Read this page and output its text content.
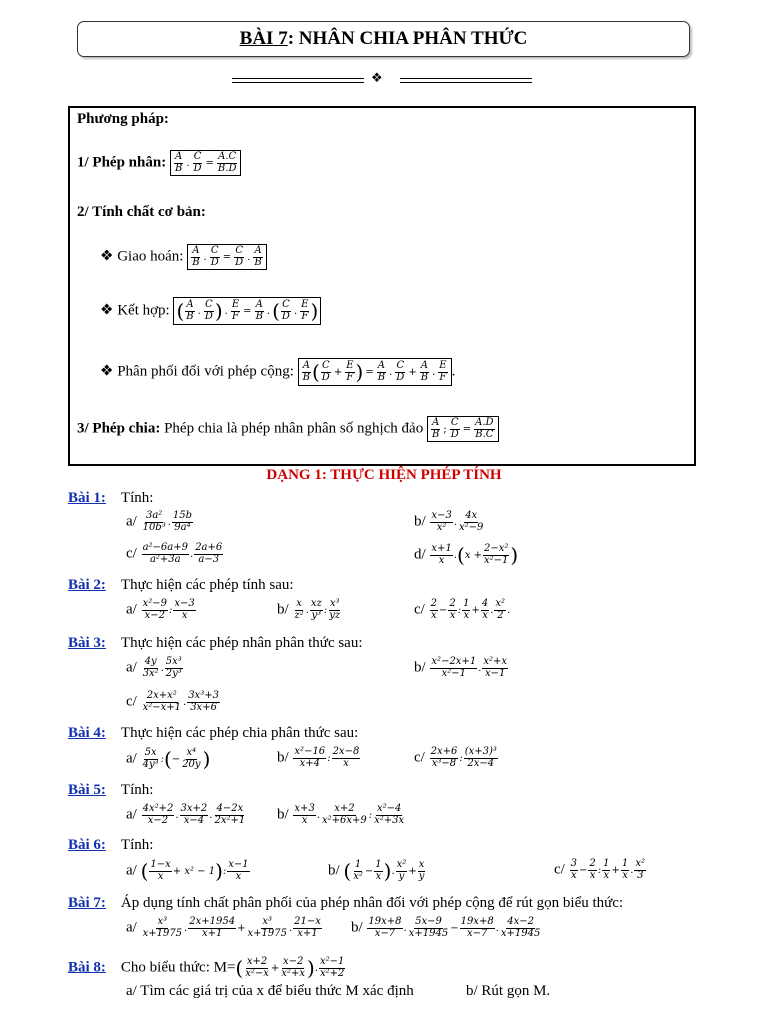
BÀI 7 : NHÂN CHIA PHÂN THỨC
❖
Phương pháp:
1/ Phép nhân: A
B . $\frac{C}{D} = \frac{A.C}{B.D}$
2/ Tính chất cơ bản:
❖ Giao hoán: A
B . $\frac{C}{D} = \frac{C}{D}$ .
A
B
❖ Kết hợp: ( A
B .
C
D ) . $\frac{E}{F} = \frac{A}{B}$ . ( C
D .
E
F )
❖ Phân phối đối với phép cộng: A
B ( C
$D + \frac{E}{F}$ ) = $\frac{A}{B}$ .
C
$D + \frac{A}{B}$ .
E
F .
3/ Phép chia: Phép chia là phép nhân phân số nghịch đảo A
B ; $\frac{C}{D} = \frac{A.D}{B.C}$
DẠNG 1: THỰC HIỆN PHÉP TÍNH
Bài 1: Tính:
a/ 3a²
10b³ .
15b
9a⁴	b/ x−3
x² .
4x
x²−9
c/ a²−6a+9
a²+3a .
2a+6
a−3	d/ x+1
x . ( x +
2−x²
x²−1 )
Bài 2: Thực hiện các phép tính sau:
a/ x²−9
x−2 :
x−3
x	b/ x
z² .
xz
y³ :
x³
yz	c/ 2
x −
2
x :
1
x +
4
x .
x²
2 .
Bài 3: Thực hiện các phép nhân phân thức sau:
a/ 4y
3x² .
5x³
2y³	b/ x²−2x+1
x²−1 .
x²+x
x−1
c/ 2x+x²
x²−x+1 .
3x³+3
3x+6
Bài 4: Thực hiện các phép chia phân thức sau:
a/ 5x
4y³ : ( −
x⁴
20y )	b/ x²−16
x+4 :
2x−8
x	c/ 2x+6
x³−8 :
(x+3)³
2x−4
Bài 5: Tính:
a/ 4x²+2
x−2 .
3x+2
x−4 .
4−2x
2x²+1 b/ x+3
x .
x+2
x²+6x+9 :
x²−4
x²+3x
Bài 6: Tính:
a/ ( 1−x
x + x² − 1 ) :
x−1
x	b/ ( 1
x² −
1
x ) .
x²
y +
x
y	c/ 3
x −
2
x :
1
x +
1
x .
x²
3
Bài 7: Áp dụng tính chất phân phối của phép nhân đối với phép cộng để rút gọn biểu thức:
a/ x³
x+1975 .
2x+1954
x+1 +
x³
x+1975 .
21−x
x+1 b/ 19x+8
x−7 .
5x−9
x+1945 −
19x+8
x−7 .
4x−2
x+1945
Bài 8: Cho biểu thức: M= ( x+2
x²−x +
x−2
x²+x ) .
x²−1
x²+2
a/ Tìm các giá trị của x để biểu thức M xác định	b/ Rút gọn M.
